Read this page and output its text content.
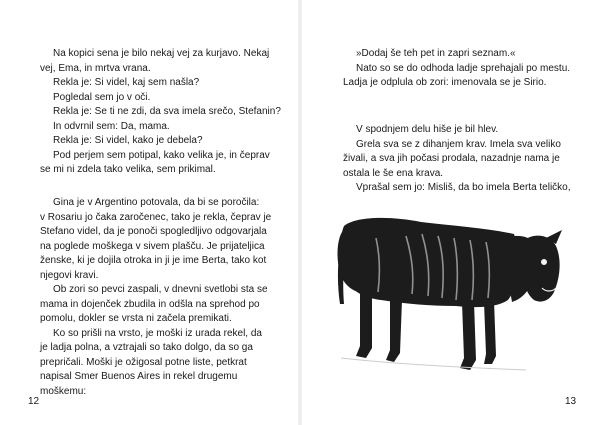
Na kopici sena je bilo nekaj vej za kurjavo. Nekaj

vej, Ema, in mrtva vrana.

Rekla je: Si videl, kaj sem našla?

Pogledal sem jo v oči.

Rekla je: Se ti ne zdi, da sva imela srečo, Stefanin?

In odvrnil sem: Da, mama.

Rekla je: Si videl, kako je debela?

Pod perjem sem potipal, kako velika je, in čeprav

se mi ni zdela tako velika, sem prikimal.

Gina je v Argentino potovala, da bi se poročila:

v Rosariu jo čaka zaročenec, tako je rekla, čeprav je

Stefano videl, da je ponoči spogledljivo odgovarjala

na poglede moškega v sivem plašču. Je prijateljica

ženske, ki je dojila otroka in ji je ime Berta, tako kot

njegovi kravi.

Ob zori so pevci zaspali, v dnevni svetlobi sta se

mama in dojenček zbudila in odšla na sprehod po

pomolu, dokler se vrsta ni začela premikati.

Ko so prišli na vrsto, je moški iz urada rekel, da

je ladja polna, a vztrajali so tako dolgo, da so ga

prepričali. Moški je ožigosal potne liste, petkrat

napisal Smer Buenos Aires in rekel drugemu

moškemu:

12

»Dodaj še teh pet in zapri seznam.«

Nato so se do odhoda ladje sprehajali po mestu.

Ladja je odplula ob zori: imenovala se je Sirio.

V spodnjem delu hiše je bil hlev.

Grela sva se z dihanjem krav. Imela sva veliko

živali, a sva jih počasi prodala, nazadnje nama je

ostala le še ena krava.

Vprašal sem jo: Misliš, da bo imela Berta teličko,

13
